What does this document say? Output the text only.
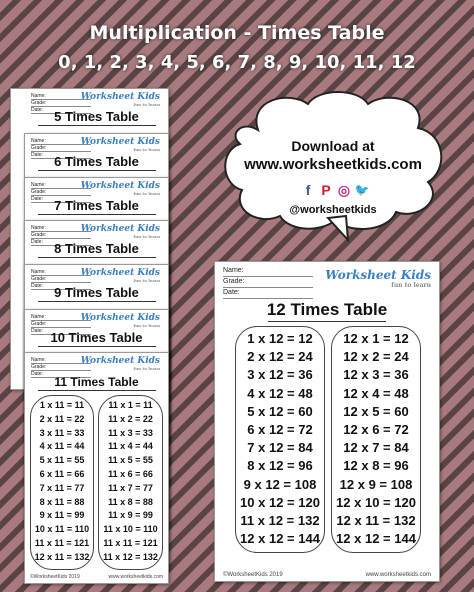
Multiplication - Times Table
0, 1, 2, 3, 4, 5, 6, 7, 8, 9, 10, 11, 12
Name:
Grade:
Date:
Worksheet Kids
fun to learn
5 Times Table
Name:
Grade:
Date:
Worksheet Kids
fun to learn
6 Times Table
Name:
Grade:
Date:
Worksheet Kids
fun to learn
7 Times Table
Name:
Grade:
Date:
Worksheet Kids
fun to learn
8 Times Table
Name:
Grade:
Date:
Worksheet Kids
fun to learn
9 Times Table
Name:
Grade:
Date:
Worksheet Kids
fun to learn
10 Times Table
Name:
Grade:
Date:
Worksheet Kids
fun to learn
11 Times Table
1 x 11 = 11
2 x 11 = 22
3 x 11 = 33
4 x 11 = 44
5 x 11 = 55
6 x 11 = 66
7 x 11 = 77
8 x 11 = 88
9 x 11 = 99
10 x 11 = 110
11 x 11 = 121
12 x 11 = 132
11 x 1 = 11
11 x 2 = 22
11 x 3 = 33
11 x 4 = 44
11 x 5 = 55
11 x 6 = 66
11 x 7 = 77
11 x 8 = 88
11 x 9 = 99
11 x 10 = 110
11 x 11 = 121
11 x 12 = 132
©WorksheetKids 2019	www.worksheetkids.com
Name:
Grade:
Date:
Worksheet Kids
fun to learn
12 Times Table
1 x 12 = 12
2 x 12 = 24
3 x 12 = 36
4 x 12 = 48
5 x 12 = 60
6 x 12 = 72
7 x 12 = 84
8 x 12 = 96
9 x 12 = 108
10 x 12 = 120
11 x 12 = 132
12 x 12 = 144
12 x 1 = 12
12 x 2 = 24
12 x 3 = 36
12 x 4 = 48
12 x 5 = 60
12 x 6 = 72
12 x 7 = 84
12 x 8 = 96
12 x 9 = 108
12 x 10 = 120
12 x 11 = 132
12 x 12 = 144
©WorksheetKids 2019	www.worksheetkids.com
Download at
www.worksheetkids.com
f P ◎ 🐦
@worksheetkids
